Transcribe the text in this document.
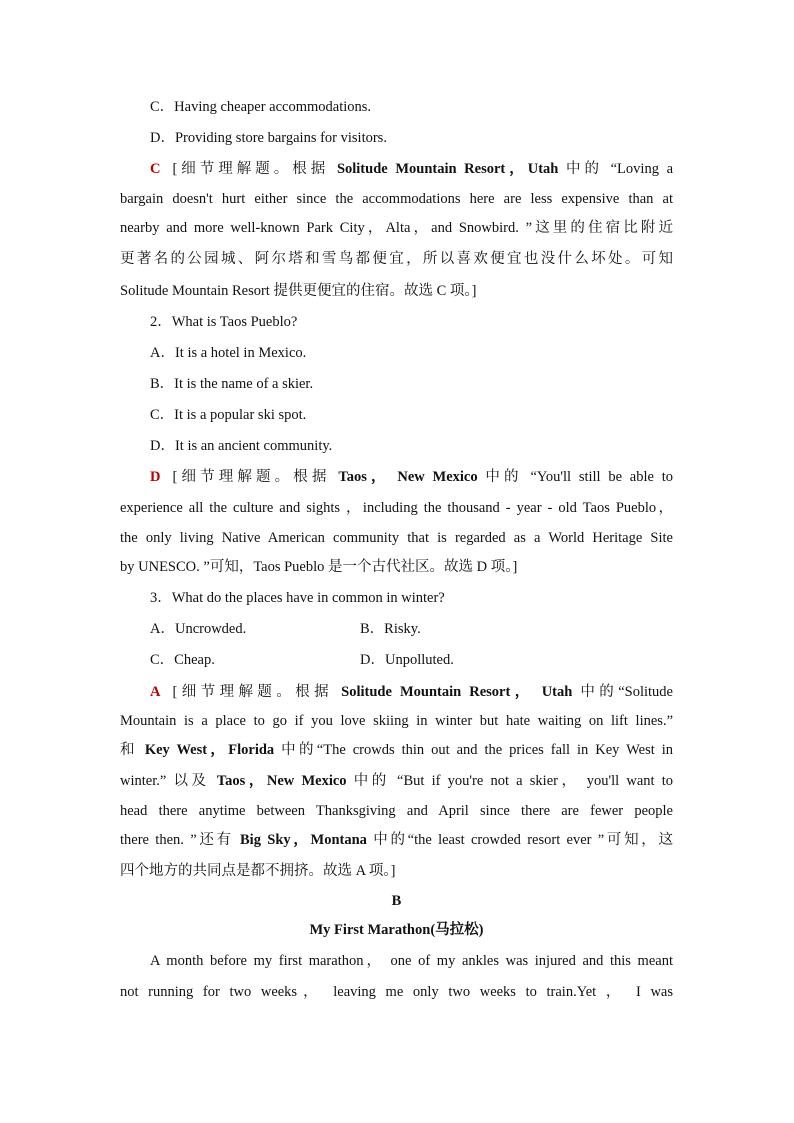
C．Having cheaper accommodations.
D．Providing store bargains for visitors.
C [细节理解题。根据 Solitude Mountain Resort，Utah 中的 “Loving a
bargain doesn't hurt either since the accommodations here are less expensive than at
nearby and more well-known Park City，Alta，and Snowbird. ”这里的住宿比附近
更著名的公园城、阿尔塔和雪鸟都便宜，所以喜欢便宜也没什么坏处。可知
Solitude Mountain Resort 提供更便宜的住宿。故选 C 项。]
2．What is Taos Pueblo?
A．It is a hotel in Mexico.
B．It is the name of a skier.
C．It is a popular ski spot.
D．It is an ancient community.
D [细节理解题。根据 Taos， New Mexico 中的 “You'll still be able to
experience all the culture and sights ，including the thousand - year - old Taos Pueblo，
the only living Native American community that is regarded as a World Heritage Site
by UNESCO. ”可知，Taos Pueblo 是一个古代社区。故选 D 项。]
3．What do the places have in common in winter?
A．Uncrowded.	B．Risky.
C．Cheap.	D．Unpolluted.
A [细节理解题。根据 Solitude Mountain Resort， Utah 中的“Solitude
Mountain is a place to go if you love skiing in winter but hate waiting on lift lines.”
和 Key West，Florida 中的“The crowds thin out and the prices fall in Key West in
winter.” 以及 Taos，New Mexico 中的 “But if you're not a skier， you'll want to
head there anytime between Thanksgiving and April since there are fewer people
there then. ”还有 Big Sky，Montana 中的“the least crowded resort ever ”可知，这
四个地方的共同点是都不拥挤。故选 A 项。]
B
My First Marathon(马拉松)
A month before my first marathon， one of my ankles was injured and this meant
not running for two weeks， leaving me only two weeks to train.Yet ， I was
